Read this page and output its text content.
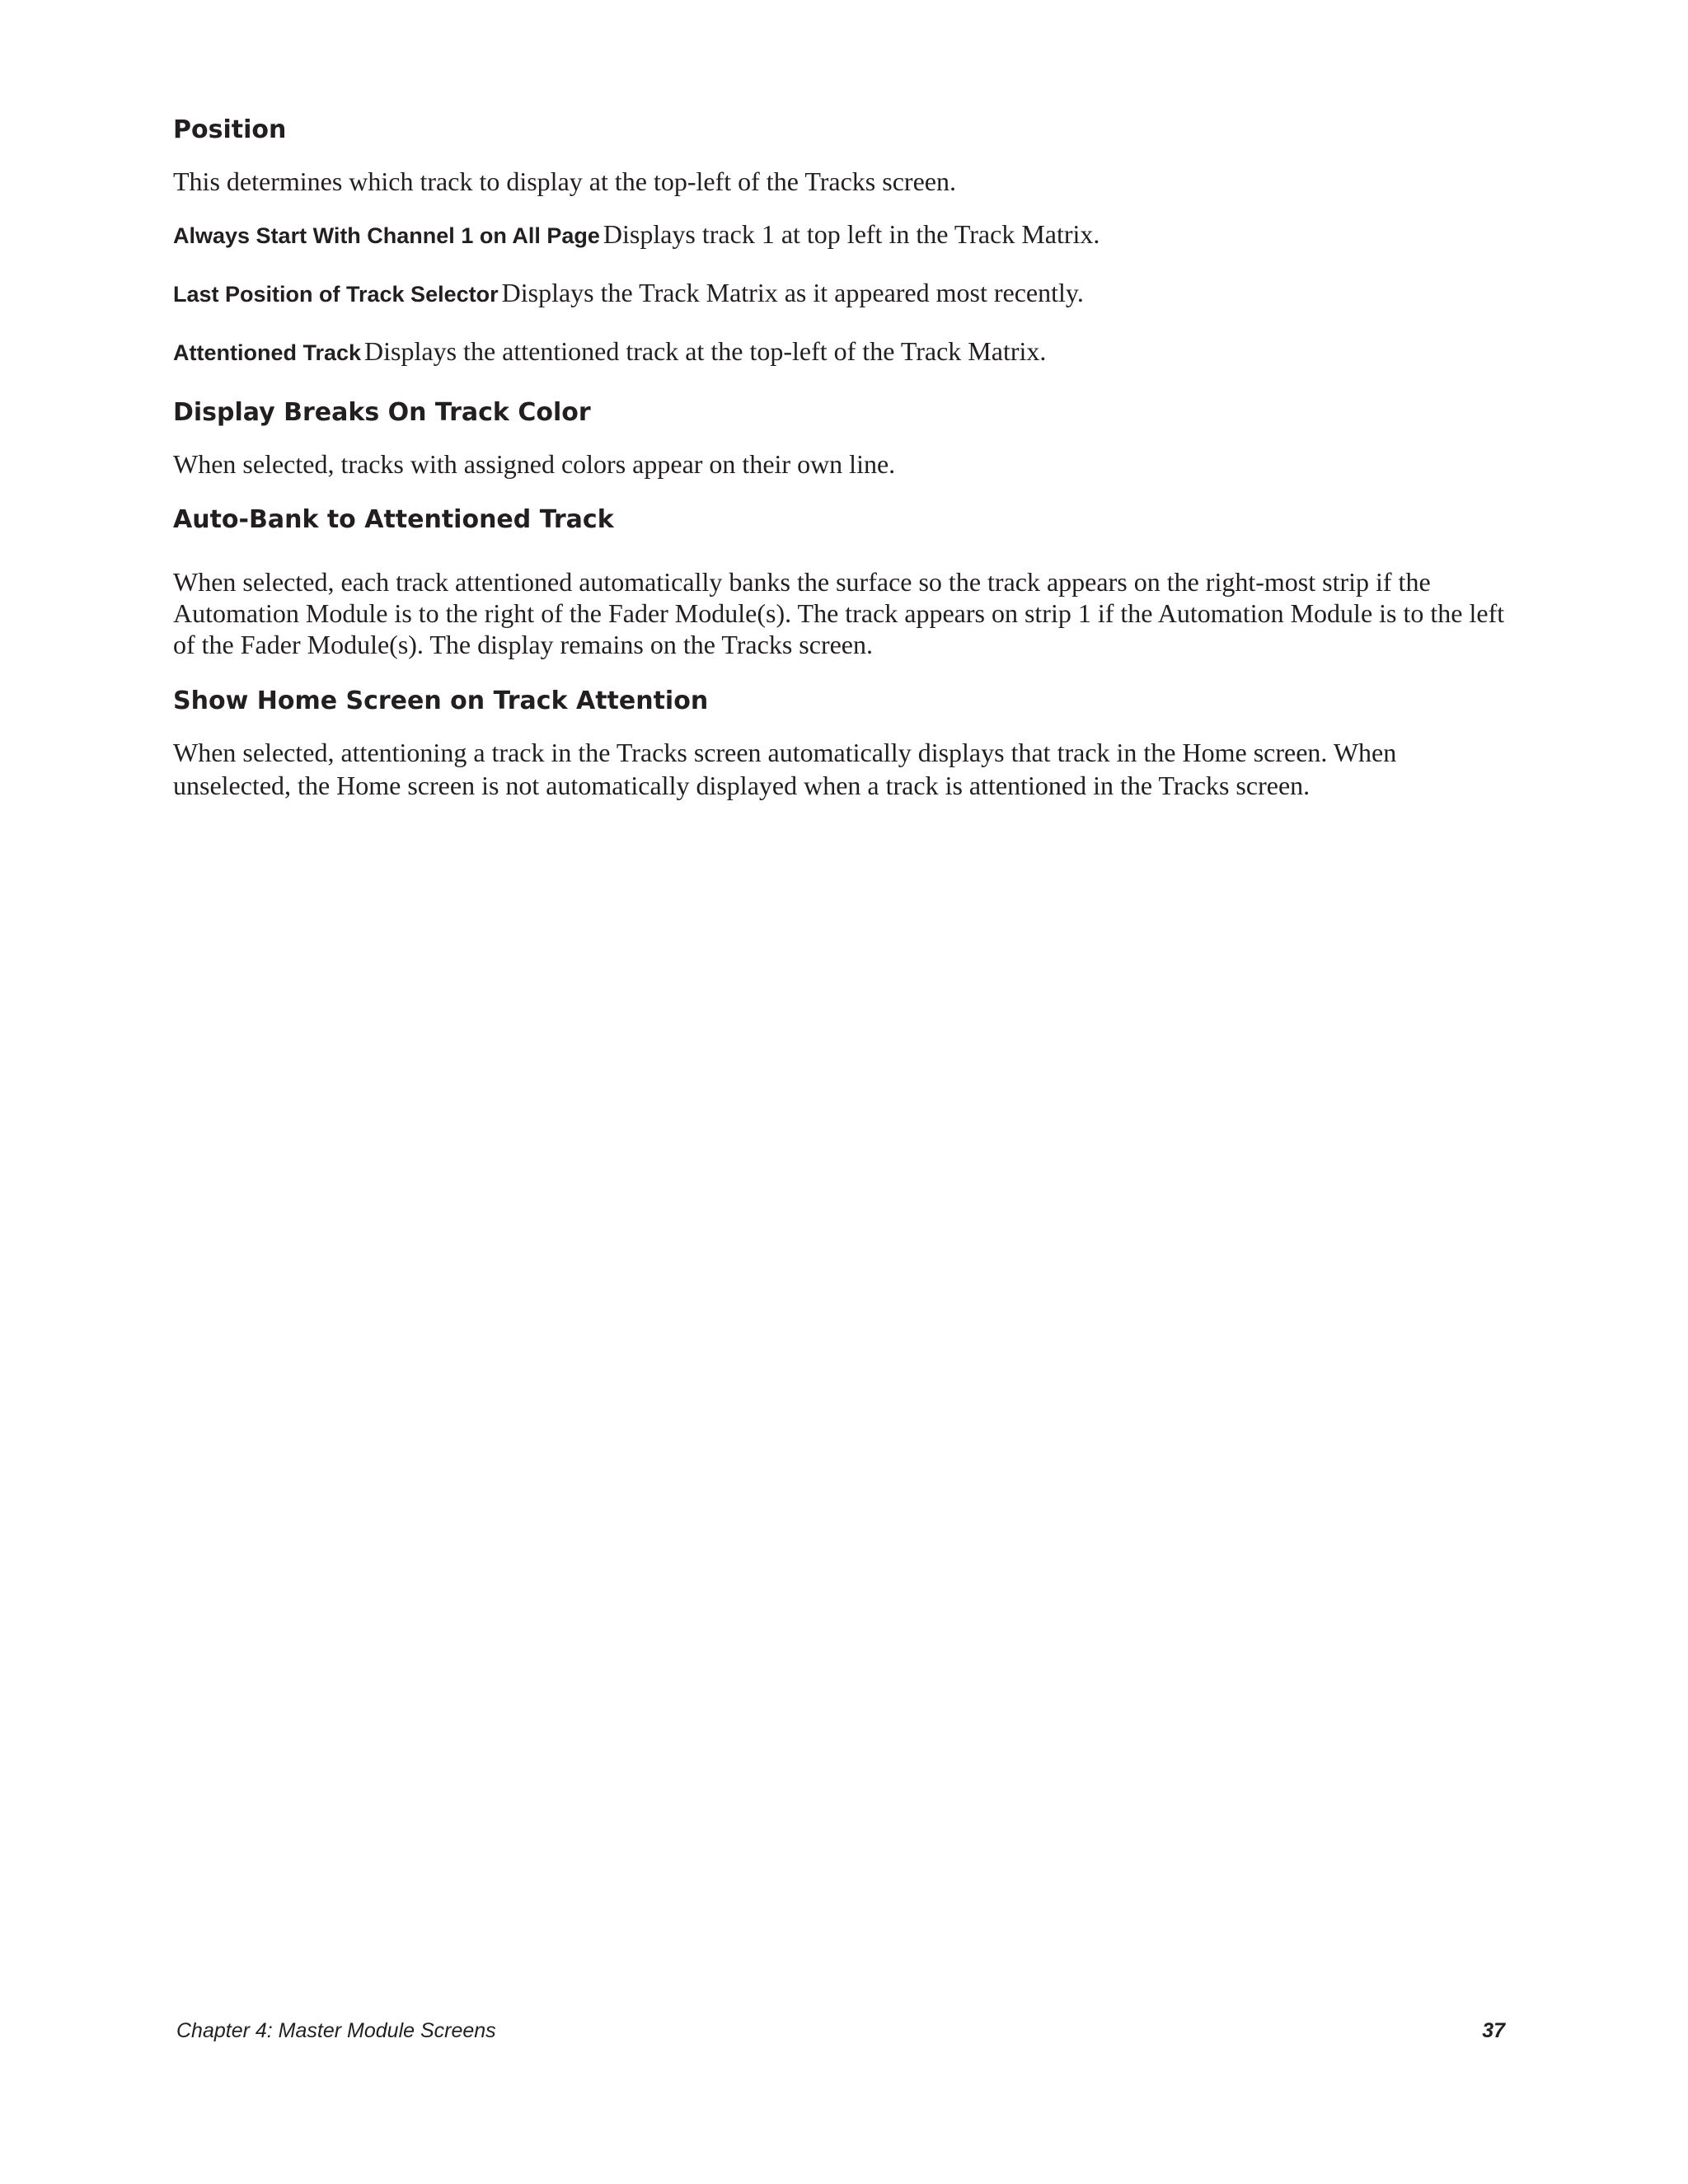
Position

This determines which track to display at the top-left of the Tracks screen.

Always Start With Channel 1 on All Page Displays track 1 at top left in the Track Matrix.

Last Position of Track Selector Displays the Track Matrix as it appeared most recently.

Attentioned Track Displays the attentioned track at the top-left of the Track Matrix.

Display Breaks On Track Color

When selected, tracks with assigned colors appear on their own line.

Auto-Bank to Attentioned Track

When selected, each track attentioned automatically banks the surface so the track appears on the right-most strip if the Automation Module is to the right of the Fader Module(s). The track appears on strip 1 if the Automation Module is to the left of the Fader Module(s). The display remains on the Tracks screen.

Show Home Screen on Track Attention

When selected, attentioning a track in the Tracks screen automatically displays that track in the Home screen. When unselected, the Home screen is not automatically displayed when a track is attentioned in the Tracks screen.

Chapter 4: Master Module Screens	37
